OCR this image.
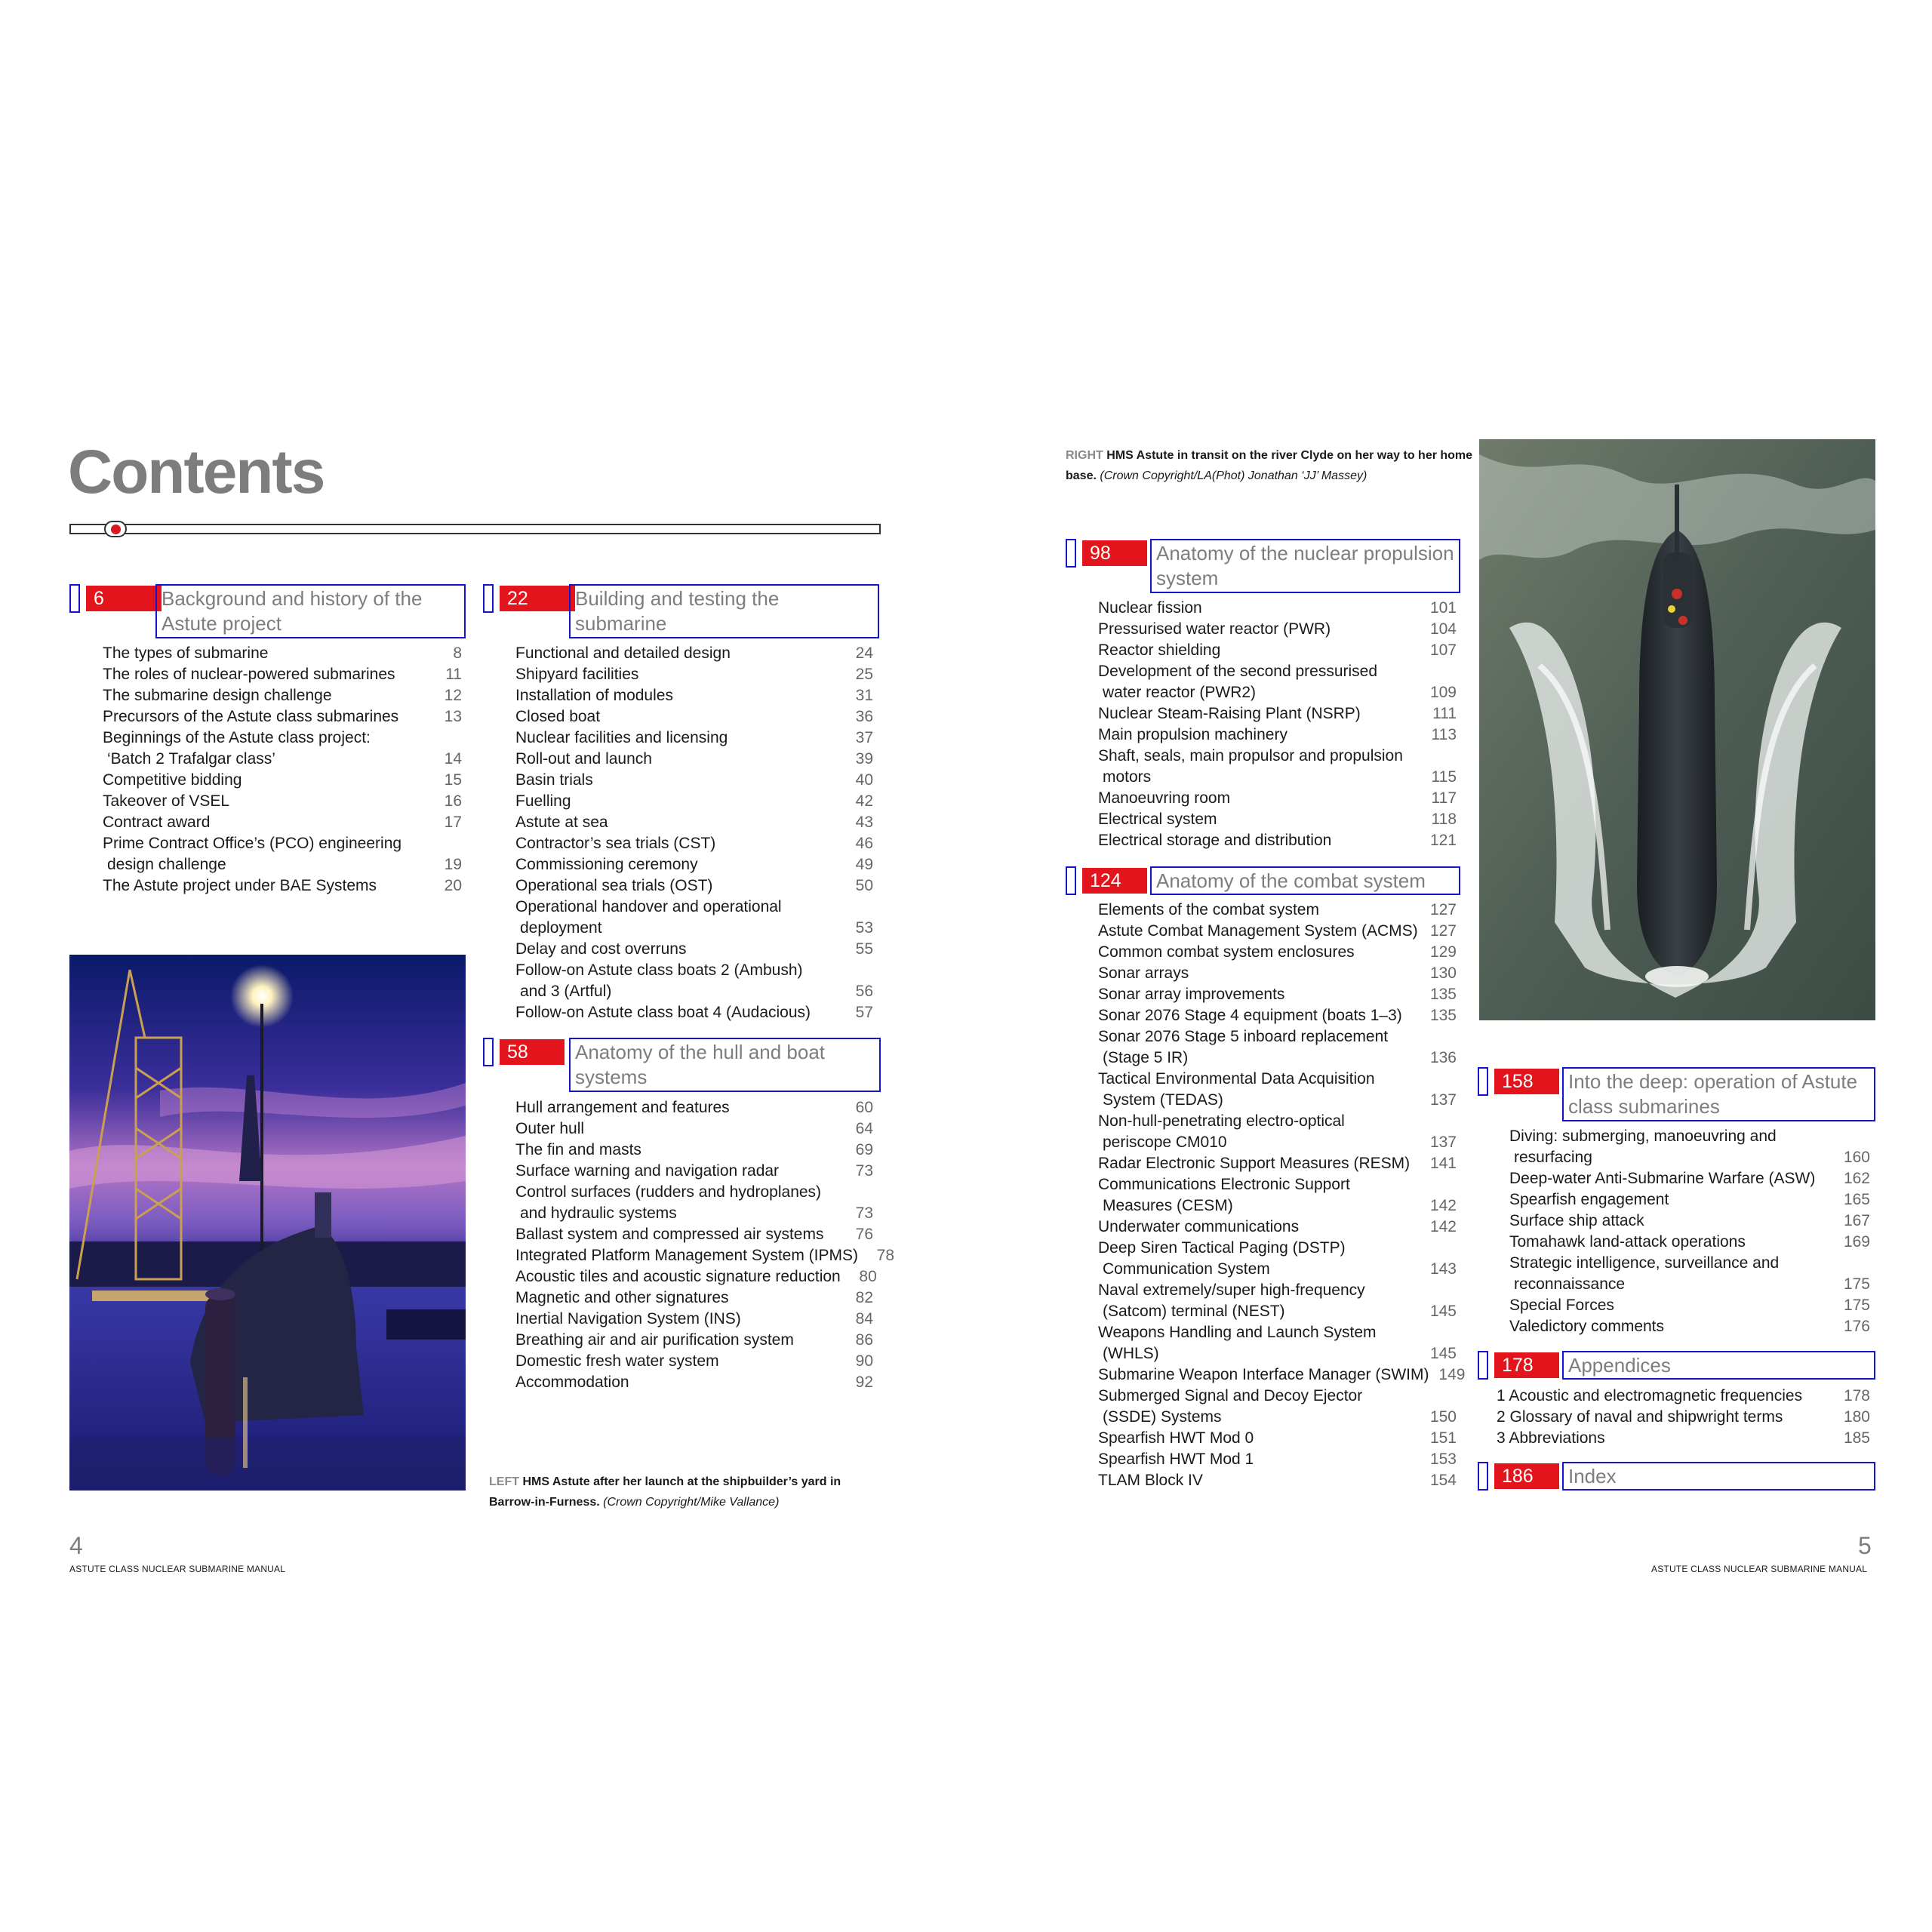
Contents
6	Background and history of the Astute project
The types of submarine	8
The roles of nuclear-powered submarines	11
The submarine design challenge	12
Precursors of the Astute class submarines	13
Beginnings of the Astute class project:
‘Batch 2 Trafalgar class’	14
Competitive bidding	15
Takeover of VSEL	16
Contract award	17
Prime Contract Office’s (PCO) engineering
design challenge	19
The Astute project under BAE Systems	20
22	Building and testing the submarine
Functional and detailed design	24
Shipyard facilities	25
Installation of modules	31
Closed boat	36
Nuclear facilities and licensing	37
Roll-out and launch	39
Basin trials	40
Fuelling	42
Astute at sea	43
Contractor’s sea trials (CST)	46
Commissioning ceremony	49
Operational sea trials (OST)	50
Operational handover and operational
deployment	53
Delay and cost overruns	55
Follow-on Astute class boats 2 (Ambush)
and 3 (Artful)	56
Follow-on Astute class boat 4 (Audacious)	57
58	Anatomy of the hull and boat systems
Hull arrangement and features	60
Outer hull	64
The fin and masts	69
Surface warning and navigation radar	73
Control surfaces (rudders and hydroplanes)
and hydraulic systems	73
Ballast system and compressed air systems	76
Integrated Platform Management System (IPMS)	78
Acoustic tiles and acoustic signature reduction	80
Magnetic and other signatures	82
Inertial Navigation System (INS)	84
Breathing air and air purification system	86
Domestic fresh water system	90
Accommodation	92
LEFT HMS Astute after her launch at the shipbuilder’s yard in Barrow-in-Furness. (Crown Copyright/Mike Vallance)
4
ASTUTE CLASS NUCLEAR SUBMARINE MANUAL
RIGHT HMS Astute in transit on the river Clyde on her way to her home base. (Crown Copyright/LA(Phot) Jonathan ‘JJ’ Massey)
98	Anatomy of the nuclear propulsion system
Nuclear fission	101
Pressurised water reactor (PWR)	104
Reactor shielding	107
Development of the second pressurised
water reactor (PWR2)	109
Nuclear Steam-Raising Plant (NSRP)	111
Main propulsion machinery	113
Shaft, seals, main propulsor and propulsion
motors	115
Manoeuvring room	117
Electrical system	118
Electrical storage and distribution	121
124	Anatomy of the combat system
Elements of the combat system	127
Astute Combat Management System (ACMS) 127
Common combat system enclosures	129
Sonar arrays	130
Sonar array improvements	135
Sonar 2076 Stage 4 equipment (boats 1–3)	135
Sonar 2076 Stage 5 inboard replacement
(Stage 5 IR)	136
Tactical Environmental Data Acquisition
System (TEDAS)	137
Non-hull-penetrating electro-optical
periscope CM010	137
Radar Electronic Support Measures (RESM)	141
Communications Electronic Support
Measures (CESM)	142
Underwater communications	142
Deep Siren Tactical Paging (DSTP)
Communication System	143
Naval extremely/super high-frequency
(Satcom) terminal (NEST)	145
Weapons Handling and Launch System
(WHLS)	145
Submarine Weapon Interface Manager (SWIM) 149
Submerged Signal and Decoy Ejector
(SSDE) Systems	150
Spearfish HWT Mod 0	151
Spearfish HWT Mod 1	153
TLAM Block IV	154
158	Into the deep: operation of Astute class submarines
Diving: submerging, manoeuvring and
resurfacing	160
Deep-water Anti-Submarine Warfare (ASW)	162
Spearfish engagement	165
Surface ship attack	167
Tomahawk land-attack operations	169
Strategic intelligence, surveillance and
reconnaissance	175
Special Forces	175
Valedictory comments	176
178	Appendices
1 Acoustic and electromagnetic frequencies	178
2 Glossary of naval and shipwright terms	180
3 Abbreviations	185
186	Index
5
ASTUTE CLASS NUCLEAR SUBMARINE MANUAL
